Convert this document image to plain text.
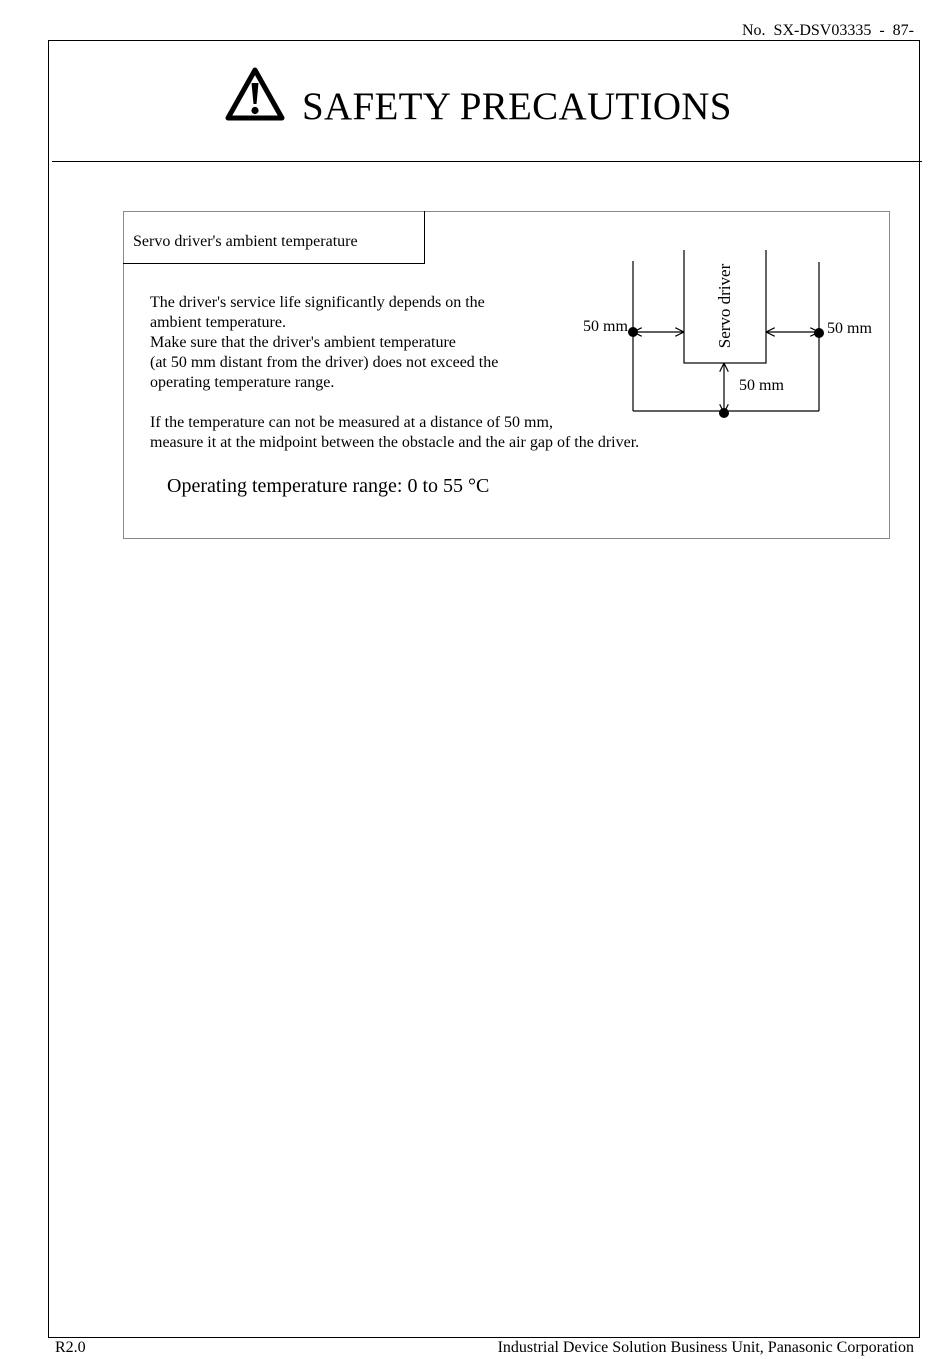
No.  SX-DSV03335  -  87-
SAFETY PRECAUTIONS
Servo driver's ambient temperature
The driver's service life significantly depends on the
ambient temperature.
Make sure that the driver's ambient temperature
(at 50 mm distant from the driver) does not exceed the
operating temperature range.
If the temperature can not be measured at a distance of 50 mm,
measure it at the midpoint between the obstacle and the air gap of the driver.
Operating temperature range: 0 to 55 °C
Servo driver
50 mm	50 mm
50 mm
R2.0	Industrial Device Solution Business Unit, Panasonic Corporation
